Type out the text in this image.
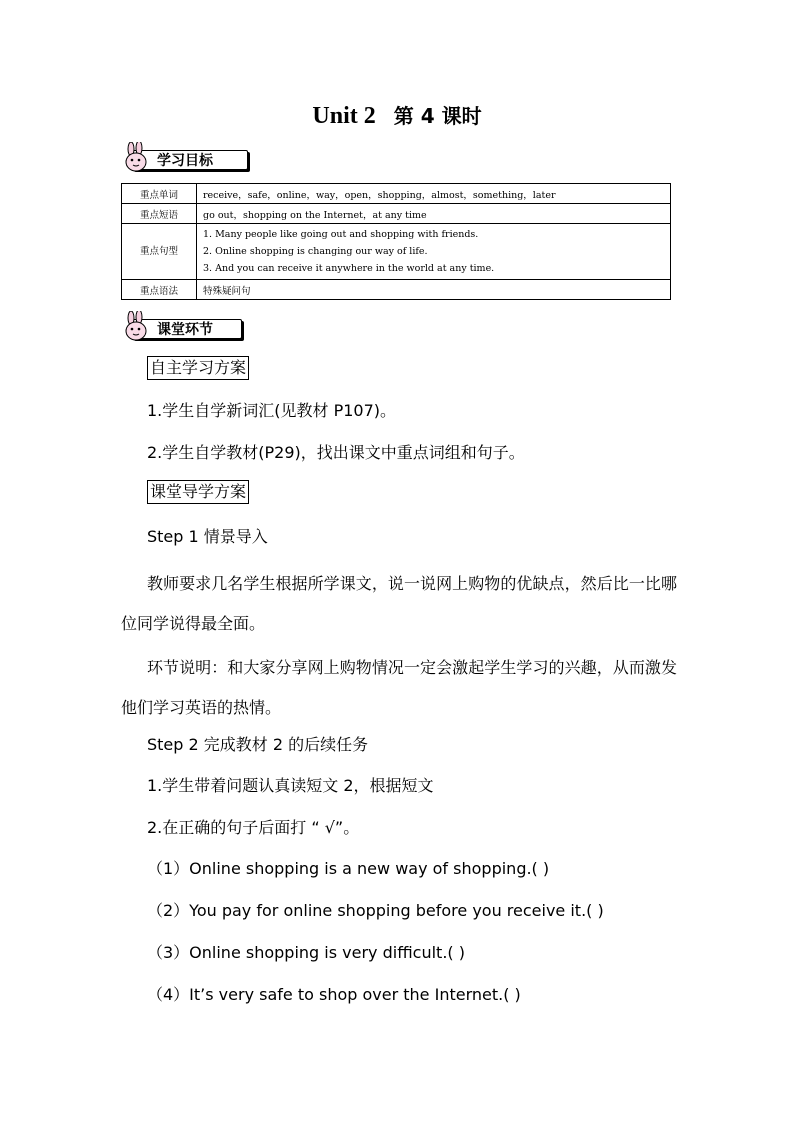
Unit 2 第 4 课时
学习目标
重点单词	receive，safe，online，way，open，shopping，almost，something，later
重点短语	go out，shopping on the Internet，at any time
重点句型	1. Many people like going out and shopping with friends.
2. Online shopping is changing our way of life.
3. And you can receive it anywhere in the world at any time.

重点语法	特殊疑问句
课堂环节
自主学习方案
1.学生自学新词汇(见教材 P107)。
2.学生自学教材(P29)，找出课文中重点词组和句子。
课堂导学方案
Step 1 情景导入
教师要求几名学生根据所学课文，说一说网上购物的优缺点，然后比一比哪位同学说得最全面。
环节说明：和大家分享网上购物情况一定会激起学生学习的兴趣，从而激发他们学习英语的热情。
Step 2 完成教材 2 的后续任务
1.学生带着问题认真读短文 2，根据短文
2.在正确的句子后面打 “ √”。
（1）Online shopping is a new way of shopping.( )
（2）You pay for online shopping before you receive it.( )
（3）Online shopping is very difficult.( )
（4）It’s very safe to shop over the Internet.( )
